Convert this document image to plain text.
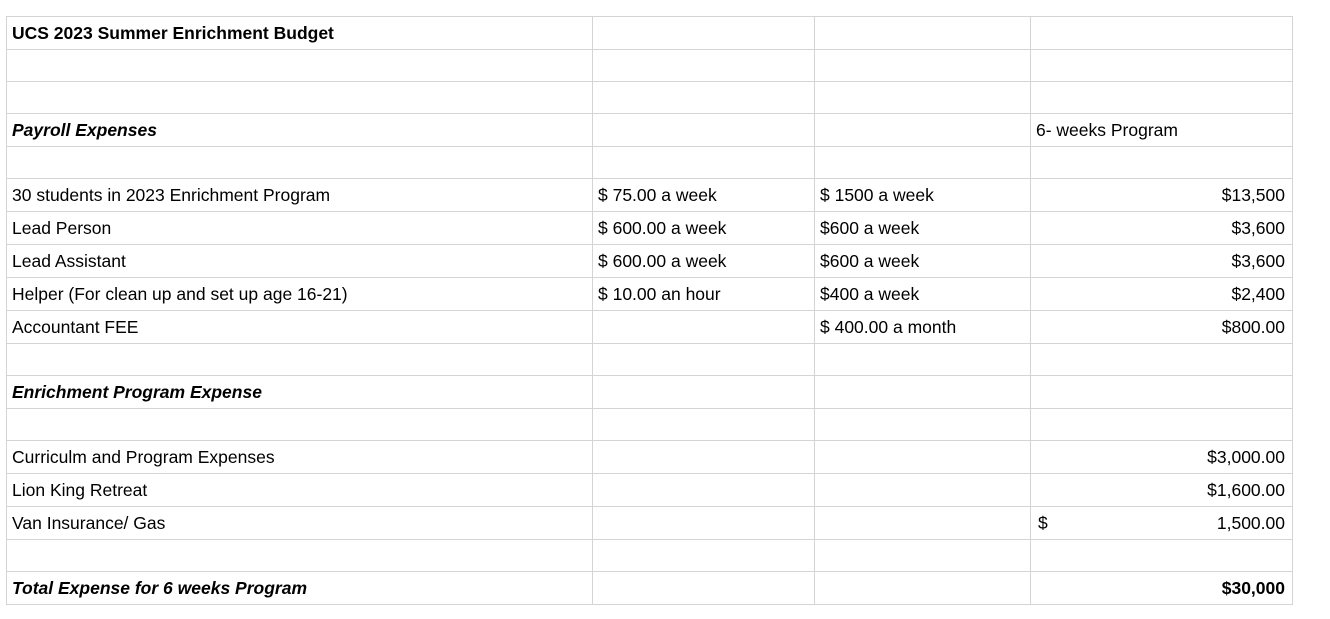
UCS 2023 Summer Enrichment Budget			

Payroll Expenses			6- weeks Program

30 students in 2023 Enrichment Program	$ 75.00 a week	$ 1500 a week	$13,500
Lead Person	$ 600.00 a week	$600 a week	$3,600
Lead Assistant	$ 600.00 a week	$600 a week	$3,600
Helper (For clean up and set up age 16-21)	$ 10.00 an hour	$400 a week	$2,400
Accountant FEE		$ 400.00 a month	$800.00

Enrichment Program Expense			

Curriculm and Program Expenses			$3,000.00
Lion King Retreat			$1,600.00
Van Insurance/ Gas			$ 1,500.00

Total Expense for 6 weeks Program			$30,000
